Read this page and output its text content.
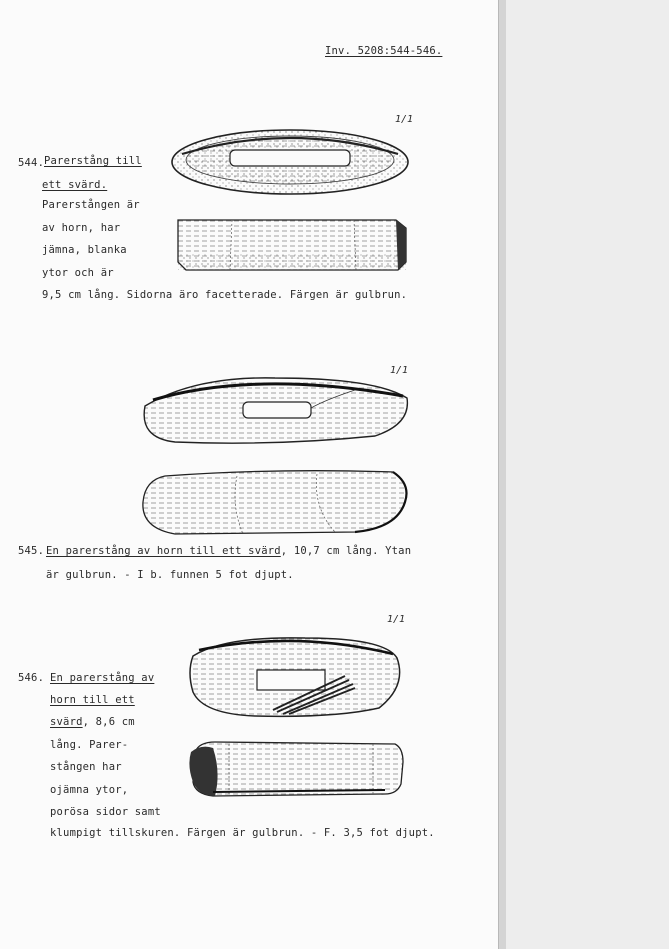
Inv. 5208:544-546.
544. Parerstång till
ett svärd.
Parerstången är
av horn, har
jämna, blanka
ytor och är
9,5 cm lång. Sidorna äro facetterade. Färgen är gulbrun.
1/1
1/1
545. En parerstång av horn till ett svärd, 10,7 cm lång. Ytan
är gulbrun. - I b. funnen 5 fot djupt.
1/1
546. En parerstång av
horn till ett
svärd, 8,6 cm
lång. Parer-
stången har
ojämna ytor,
porösa sidor samt
klumpigt tillskuren. Färgen är gulbrun. - F. 3,5 fot djupt.
